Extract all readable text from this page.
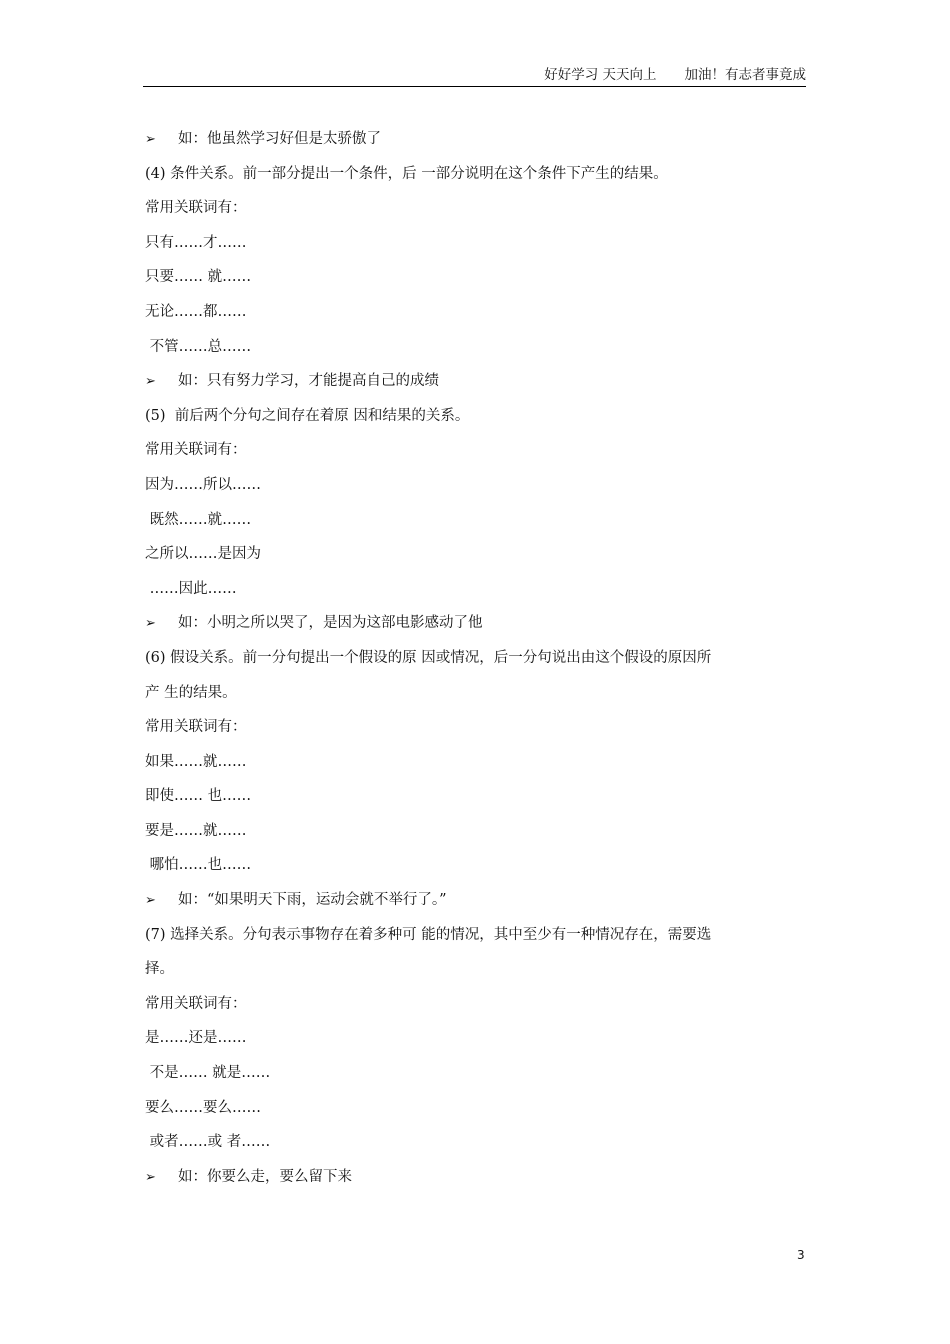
好好学习 天天向上 加油！有志者事竟成
➢ 如：他虽然学习好但是太骄傲了
(4) 条件关系。前一部分提出一个条件，后 一部分说明在这个条件下产生的结果。
常用关联词有：
只有……才……
只要…… 就……
无论……都……
不管……总……
➢ 如：只有努力学习，才能提高自己的成绩
(5)  前后两个分句之间存在着原 因和结果的关系。
常用关联词有：
因为……所以……
既然……就……
之所以……是因为
……因此……
➢ 如：小明之所以哭了，是因为这部电影感动了他
(6) 假设关系。前一分句提出一个假设的原 因或情况，后一分句说出由这个假设的原因所
产 生的结果。
常用关联词有：
如果……就……
即使…… 也……
要是……就……
哪怕……也……
➢ 如：“如果明天下雨，运动会就不举行了。”
(7) 选择关系。分句表示事物存在着多种可 能的情况，其中至少有一种情况存在，需要选
择。
常用关联词有：
是……还是……
不是…… 就是……
要么……要么……
或者……或 者……
➢ 如：你要么走，要么留下来
3
